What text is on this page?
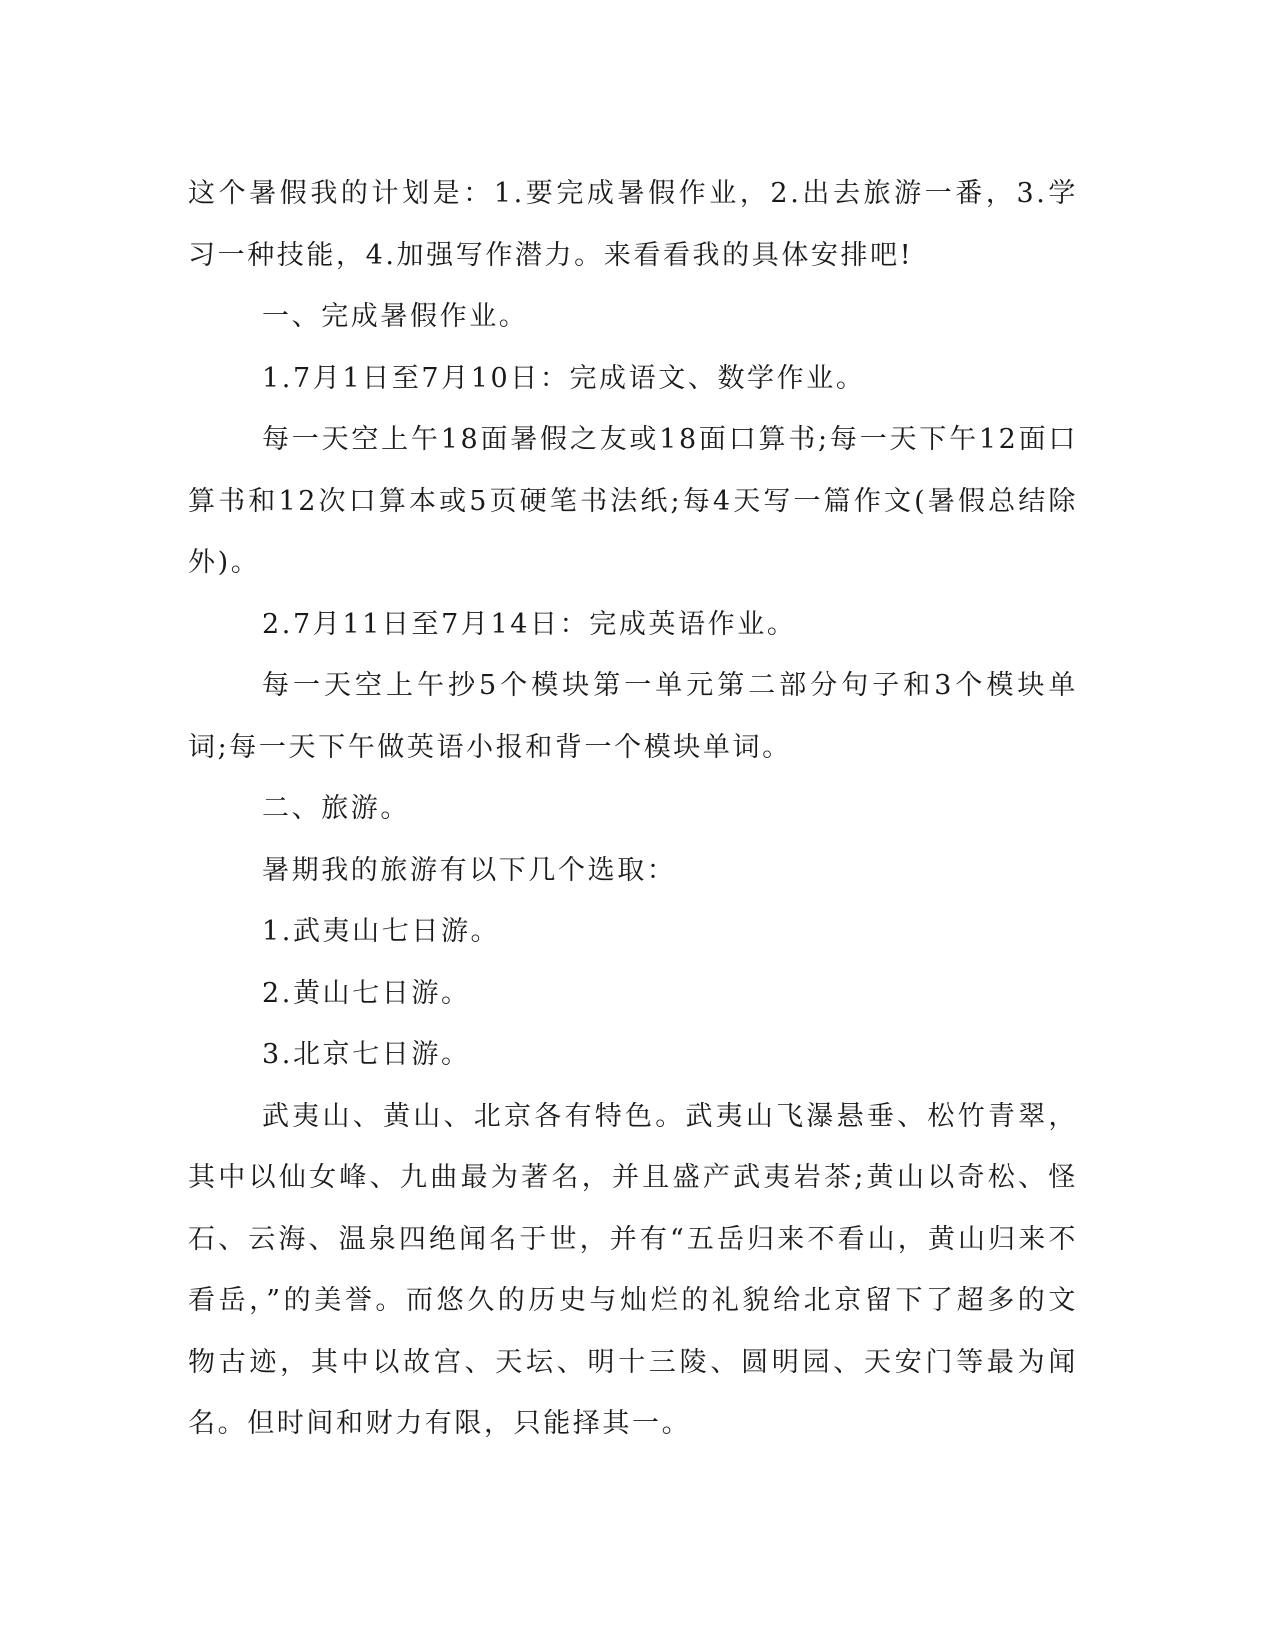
这个暑假我的计划是：1.要完成暑假作业，2.出去旅游一番，3.学习一种技能，4.加强写作潜力。来看看我的具体安排吧!

一、完成暑假作业。

1.7月1日至7月10日：完成语文、数学作业。

每一天空上午18面暑假之友或18面口算书;每一天下午12面口算书和12次口算本或5页硬笔书法纸;每4天写一篇作文(暑假总结除外)。

2.7月11日至7月14日：完成英语作业。

每一天空上午抄5个模块第一单元第二部分句子和3个模块单词;每一天下午做英语小报和背一个模块单词。

二、旅游。

暑期我的旅游有以下几个选取：

1.武夷山七日游。

2.黄山七日游。

3.北京七日游。

武夷山、黄山、北京各有特色。武夷山飞瀑悬垂、松竹青翠，其中以仙女峰、九曲最为著名，并且盛产武夷岩茶;黄山以奇松、怪石、云海、温泉四绝闻名于世，并有“五岳归来不看山，黄山归来不看岳，”的美誉。而悠久的历史与灿烂的礼貌给北京留下了超多的文物古迹，其中以故宫、天坛、明十三陵、圆明园、天安门等最为闻名。但时间和财力有限，只能择其一。
